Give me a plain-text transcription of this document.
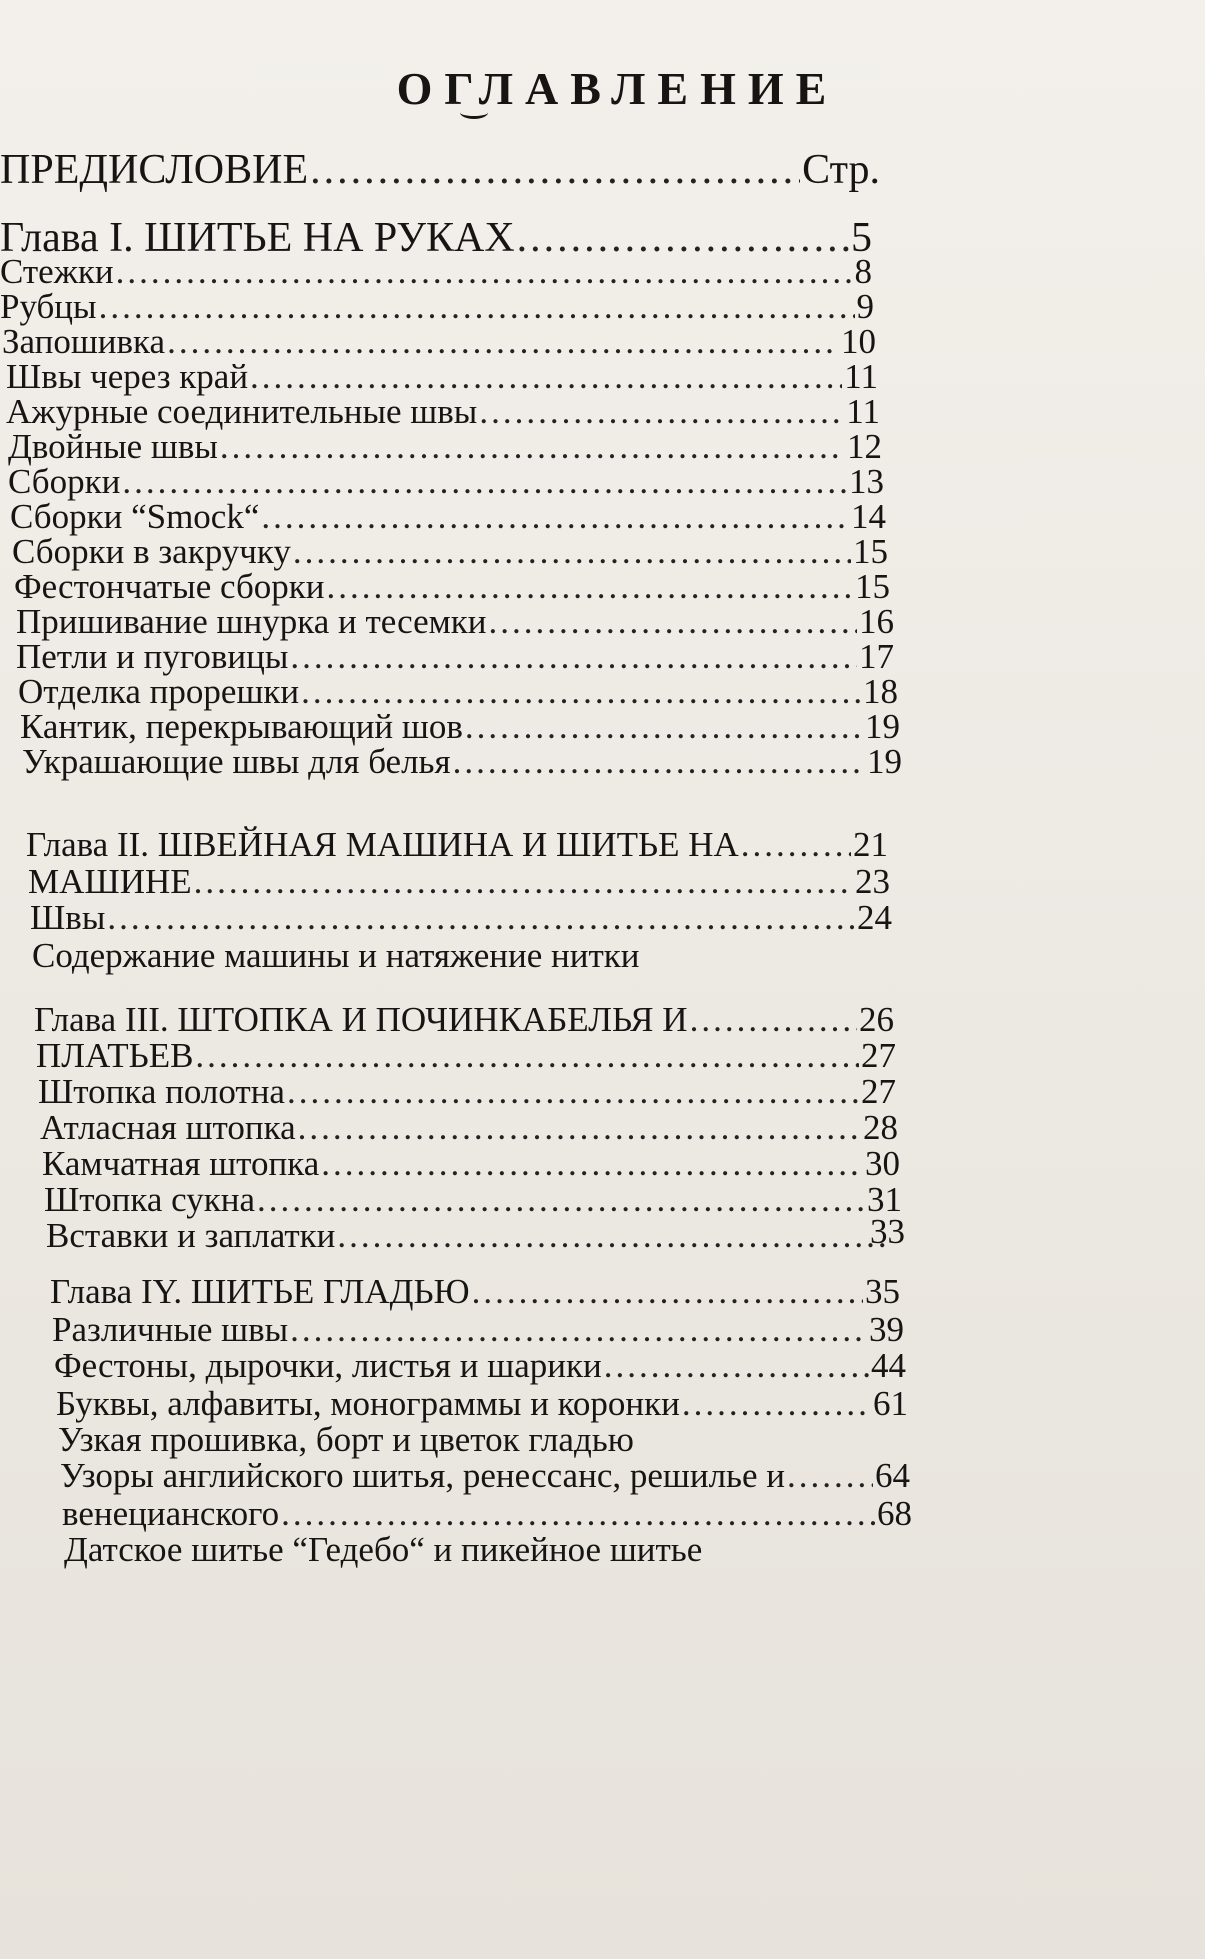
ОГЛАВЛЕНИЕ
ПРЕДИСЛОВИЕ .....	Стр.
Глава I. ШИТЬЕ НА РУКАХ .....	5
Стежки .....	8
Рубцы .....	9
Запошивка .....	10
Швы через край .....	11
Ажурные соединительные швы .....	11
Двойные швы .....	12
Сборки .....	13
Сборки “Smock“ .....	14
Сборки в закручку .....	15
Фестончатые сборки .....	15
Пришивание шнурка и тесемки .....	16
Петли и пуговицы .....	17
Отделка прорешки .....	18
Кантик, перекрывающий шов .....	19
Украшающие швы для белья .....	19
Глава II. ШВЕЙНАЯ МАШИНА И ШИТЬЕ НА .....	21
МАШИНЕ .....	23
Швы .....	24
Содержание машины и натяжение нитки
Глава III. ШТОПКА И ПОЧИНКАБЕЛЬЯ И .....	26
ПЛАТЬЕВ .....	27
Штопка полотна .....	27
Атласная штопка .....	28
Камчатная штопка .....	30
Штопка сукна .....	31
Вставки и заплатки .....	33
Глава IY. ШИТЬЕ ГЛАДЬЮ .....	35
Различные швы .....	39
Фестоны, дырочки, листья и шарики .....	44
Буквы, алфавиты, монограммы и коронки .....	61
Узкая прошивка, борт и цветок гладью
Узоры английского шитья, ренессанс, решилье и .....	64
венецианского .....	68
Датское шитье “Гедебо“ и пикейное шитье
